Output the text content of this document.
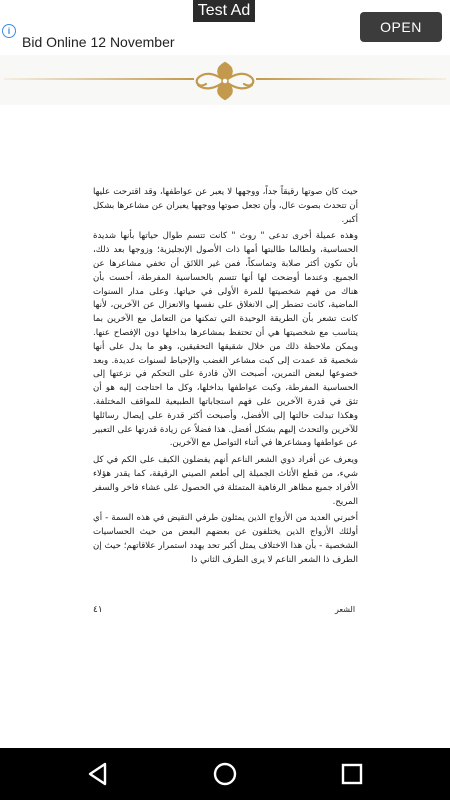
Test Ad
i
Bid Online 12 November
OPEN

حيث كان صوتها رقيقاً جداً، ووجهها لا يعبر عن عواطفها، وقد اقترحت عليها أن تتحدث بصوت عال، وأن تجعل صوتها ووجهها يعبران عن مشاعرها بشكل أكبر.

وهذه عميلة أخرى تدعى " روث " كانت تتسم طوال حياتها بأنها شديدة الحساسية، ولطالما طالبتها أمها ذات الأصول الإنجليزية؛ وزوجها بعد ذلك، بأن تكون أكثر صلابة وتماسكاً، فمن غير اللائق أن تخفي مشاعرها عن الجميع. وعندما أوضحت لها أنها تتسم بالحساسية المفرطة، أحست بأن هناك من فهم شخصيتها للمرة الأولى في حياتها. وعلى مدار السنوات الماضية، كانت تضطر إلى الانغلاق على نفسها والانعزال عن الآخرين، لأنها كانت تشعر بأن الطريقة الوحيدة التي تمكنها من التعامل مع الآخرين بما يتناسب مع شخصيتها هي أن تحتفظ بمشاعرها بداخلها دون الإفصاح عنها. ويمكن ملاحظة ذلك من خلال شقيقها التحقيقين، وهو ما يدل على أنها شخصية قد عمدت إلى كبت مشاعر الغضب والإحباط لسنوات عديدة. وبعد خضوعها لبعض التمرين، أصبحت الآن قادرة على التحكم في نزعتها إلى الحساسية المفرطة، وكبت عواطفها بداخلها، وكل ما احتاجت إليه هو أن تثق في قدرة الآخرين على فهم استجاباتها الطبيعية للمواقف المختلفة. وهكذا تبدلت حالتها إلى الأفضل، وأصبحت أكثر قدرة على إيصال رسائلها للآخرين والتحدث إليهم بشكل أفضل. هذا فضلاً عن زيادة قدرتها على التعبير عن عواطفها ومشاعرها في أثناء التواصل مع الآخرين.

ويعرف عن أفراد ذوي الشعر الناعم أنهم يفضلون الكيف على الكم في كل شيء، من قطع الأثاث الجميلة إلى أطعم الصيني الرقيقة، كما يقدر هؤلاء الأفراد جميع مظاهر الرفاهية المتمثلة في الحصول على عشاء فاخر والسفر المريح.

أخبرني العديد من الأزواج الذين يمثلون طرفي النقيض في هذه السمة - أي أولئك الأزواج الذين يختلفون عن بعضهم البعض من حيث الحساسيات الشخصية - بأن هذا الاختلاف يمثل أكبر تحد يهدد استمرار علاقاتهم؛ حيث إن الطرف ذا الشعر الناعم لا يرى الطرف الثاني ذا

الشعر
٤١
